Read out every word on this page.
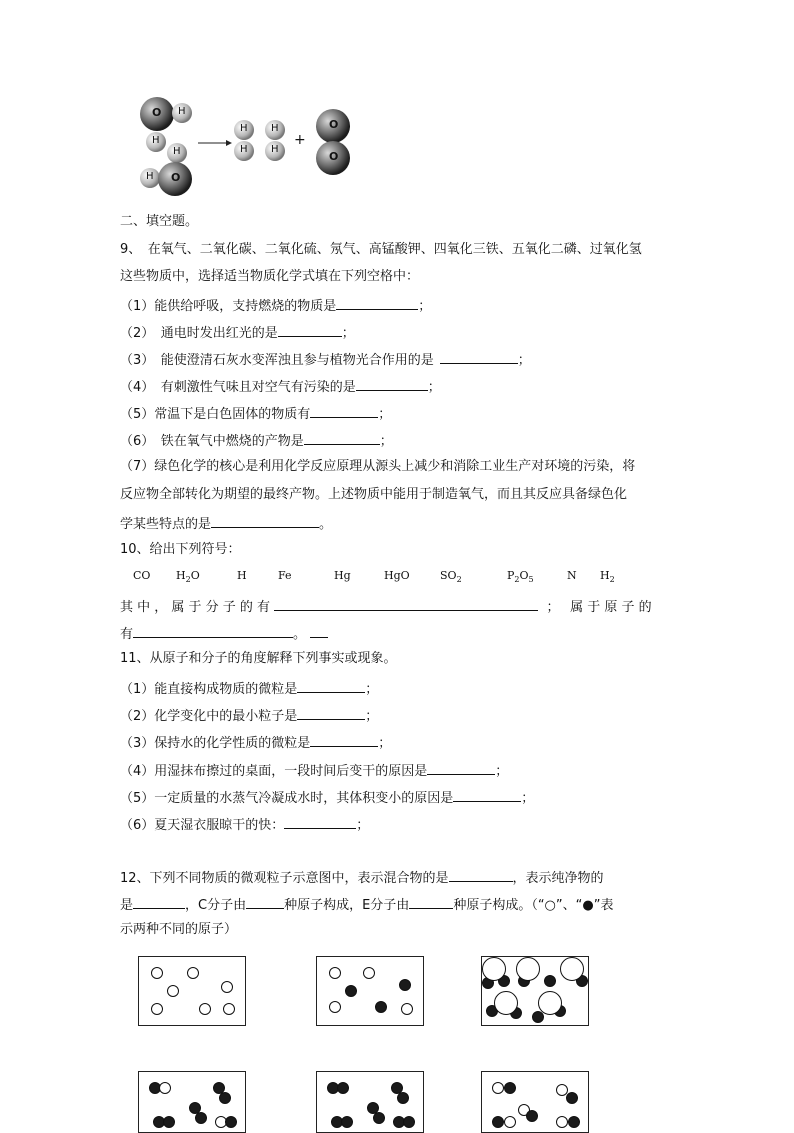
O H
H
H
H O
H
H
H
H
+
O
O
二、填空题。
9、　在氧气、二氧化碳、二氧化硫、氖气、高锰酸钾、四氧化三铁、五氧化二磷、过氧化氢
这些物质中，选择适当物质化学式填在下列空格中：
（1）能供给呼吸，支持燃烧的物质是	；
（2）　通电时发出红光的是	；
（3）　能使澄清石灰水变浑浊且参与植物光合作用的是	；
（4）　有刺激性气味且对空气有污染的是	；
（5）常温下是白色固体的物质有	；
（6）　铁在氧气中燃烧的产物是	；
（7）绿色化学的核心是利用化学反应原理从源头上减少和消除工业生产对环境的污染，将
反应物全部转化为期望的最终产物。上述物质中能用于制造氧气，而且其反应具备绿色化
学某些特点的是	。
10、给出下列符号：
CO $H_2O$	H	Fe	Hg	HgO	$SO_2$	$P_2O_5$	N $H_2$
其 中 ， 属 于 分 子 的 有	；　 属 于 原 子 的
有	。
11、从原子和分子的角度解释下列事实或现象。
（1）能直接构成物质的微粒是	；
（2）化学变化中的最小粒子是	；
（3）保持水的化学性质的微粒是	；
（4）用湿抹布擦过的桌面，一段时间后变干的原因是	；
（5）一定质量的水蒸气冷凝成水时，其体积变小的原因是	；
（6）夏天湿衣服晾干的快：	；
12、下列不同物质的微观粒子示意图中，表示混合物的是	，表示纯净物的
是	，C分子由	种原子构成，E分子由	种原子构成。（“○”、“●”表
示两种不同的原子）
